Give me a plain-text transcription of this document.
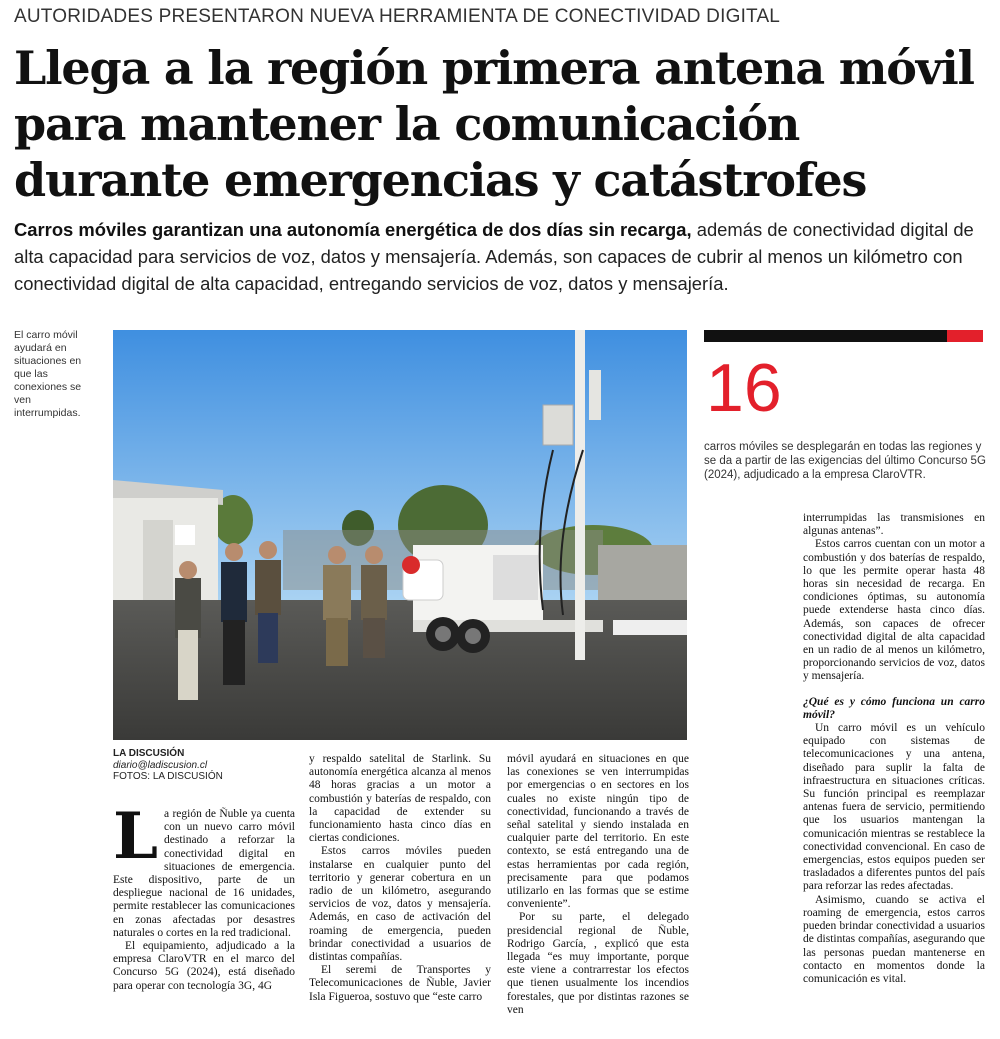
AUTORIDADES PRESENTARON NUEVA HERRAMIENTA DE CONECTIVIDAD DIGITAL
Llega a la región primera antena móvil para mantener la comunicación durante emergencias y catástrofes

Carros móviles garantizan una autonomía energética de dos días sin recarga, además de conectividad digital de alta capacidad para servicios de voz, datos y mensajería. Además, son capaces de cubrir al menos un kilómetro con conectividad digital de alta capacidad, entregando servicios de voz, datos y mensajería.

El carro móvil ayudará en situaciones en que las conexiones se ven interrumpidas.
LA DISCUSIÓN
diario@ladiscusion.cl
FOTOS: LA DISCUSIÓN
16

carros móviles se desplegarán en todas las regiones y se da a partir de las exigencias del último Concurso 5G (2024), adjudicado a la empresa ClaroVTR.

L a región de Ñuble ya cuenta con un nuevo carro móvil destinado a reforzar la conectividad digital en situaciones de emergencia. Este dispositivo, parte de un despliegue nacional de 16 unidades, permite restablecer las comunicaciones en zonas afectadas por desastres naturales o cortes en la red tradicional.

El equipamiento, adjudicado a la empresa ClaroVTR en el marco del Concurso 5G (2024), está diseñado para operar con tecnología 3G, 4G

y respaldo satelital de Starlink. Su autonomía energética alcanza al menos 48 horas gracias a un motor a combustión y baterías de respaldo, con la capacidad de extender su funcionamiento hasta cinco días en ciertas condiciones.

Estos carros móviles pueden instalarse en cualquier punto del territorio y generar cobertura en un radio de un kilómetro, asegurando servicios de voz, datos y mensajería. Además, en caso de activación del roaming de emergencia, pueden brindar conectividad a usuarios de distintas compañías.

El seremi de Transportes y Telecomunicaciones de Ñuble, Javier Isla Figueroa, sostuvo que “este carro

móvil ayudará en situaciones en que las conexiones se ven interrumpidas por emergencias o en sectores en los cuales no existe ningún tipo de conectividad, funcionando a través de señal satelital y siendo instalada en cualquier parte del territorio. En este contexto, se está entregando una de estas herramientas por cada región, precisamente para que podamos utilizarlo en las formas que se estime conveniente”.

Por su parte, el delegado presidencial regional de Ñuble, Rodrigo García, , explicó que esta llegada “es muy importante, porque este viene a contrarrestar los efectos que tienen usualmente los incendios forestales, que por distintas razones se ven

interrumpidas las transmisiones en algunas antenas”.

Estos carros cuentan con un motor a combustión y dos baterías de respaldo, lo que les permite operar hasta 48 horas sin necesidad de recarga. En condiciones óptimas, su autonomía puede extenderse hasta cinco días. Además, son capaces de ofrecer conectividad digital de alta capacidad en un radio de al menos un kilómetro, proporcionando servicios de voz, datos y mensajería.

¿Qué es y cómo funciona un carro móvil?

Un carro móvil es un vehículo equipado con sistemas de telecomunicaciones y una antena, diseñado para suplir la falta de infraestructura en situaciones críticas. Su función principal es reemplazar antenas fuera de servicio, permitiendo que los usuarios mantengan la comunicación mientras se restablece la conectividad convencional. En caso de emergencias, estos equipos pueden ser trasladados a diferentes puntos del país para reforzar las redes afectadas.

Asimismo, cuando se activa el roaming de emergencia, estos carros pueden brindar conectividad a usuarios de distintas compañías, asegurando que las personas puedan mantenerse en contacto en momentos donde la comunicación es vital.
